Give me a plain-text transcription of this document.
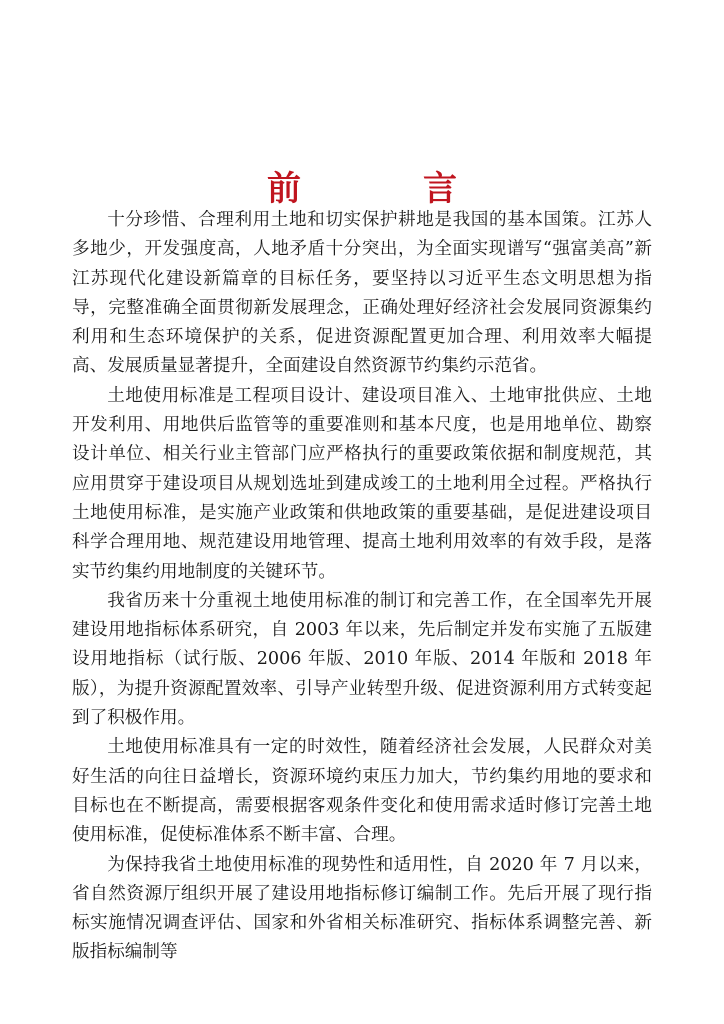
前　言

十分珍惜、合理利用土地和切实保护耕地是我国的基本国策。江苏人多地少，开发强度高，人地矛盾十分突出，为全面实现谱写“强富美高”新江苏现代化建设新篇章的目标任务，要坚持以习近平生态文明思想为指导，完整准确全面贯彻新发展理念，正确处理好经济社会发展同资源集约利用和生态环境保护的关系，促进资源配置更加合理、利用效率大幅提高、发展质量显著提升，全面建设自然资源节约集约示范省。

土地使用标准是工程项目设计、建设项目准入、土地审批供应、土地开发利用、用地供后监管等的重要准则和基本尺度，也是用地单位、勘察设计单位、相关行业主管部门应严格执行的重要政策依据和制度规范，其应用贯穿于建设项目从规划选址到建成竣工的土地利用全过程。严格执行土地使用标准，是实施产业政策和供地政策的重要基础，是促进建设项目科学合理用地、规范建设用地管理、提高土地利用效率的有效手段，是落实节约集约用地制度的关键环节。

我省历来十分重视土地使用标准的制订和完善工作，在全国率先开展建设用地指标体系研究，自 2003 年以来，先后制定并发布实施了五版建设用地指标（试行版、2006 年版、2010 年版、2014 年版和 2018 年版），为提升资源配置效率、引导产业转型升级、促进资源利用方式转变起到了积极作用。

土地使用标准具有一定的时效性，随着经济社会发展，人民群众对美好生活的向往日益增长，资源环境约束压力加大，节约集约用地的要求和目标也在不断提高，需要根据客观条件变化和使用需求适时修订完善土地使用标准，促使标准体系不断丰富、合理。

为保持我省土地使用标准的现势性和适用性，自 2020 年 7 月以来，省自然资源厅组织开展了建设用地指标修订编制工作。先后开展了现行指标实施情况调查评估、国家和外省相关标准研究、指标体系调整完善、新版指标编制等
